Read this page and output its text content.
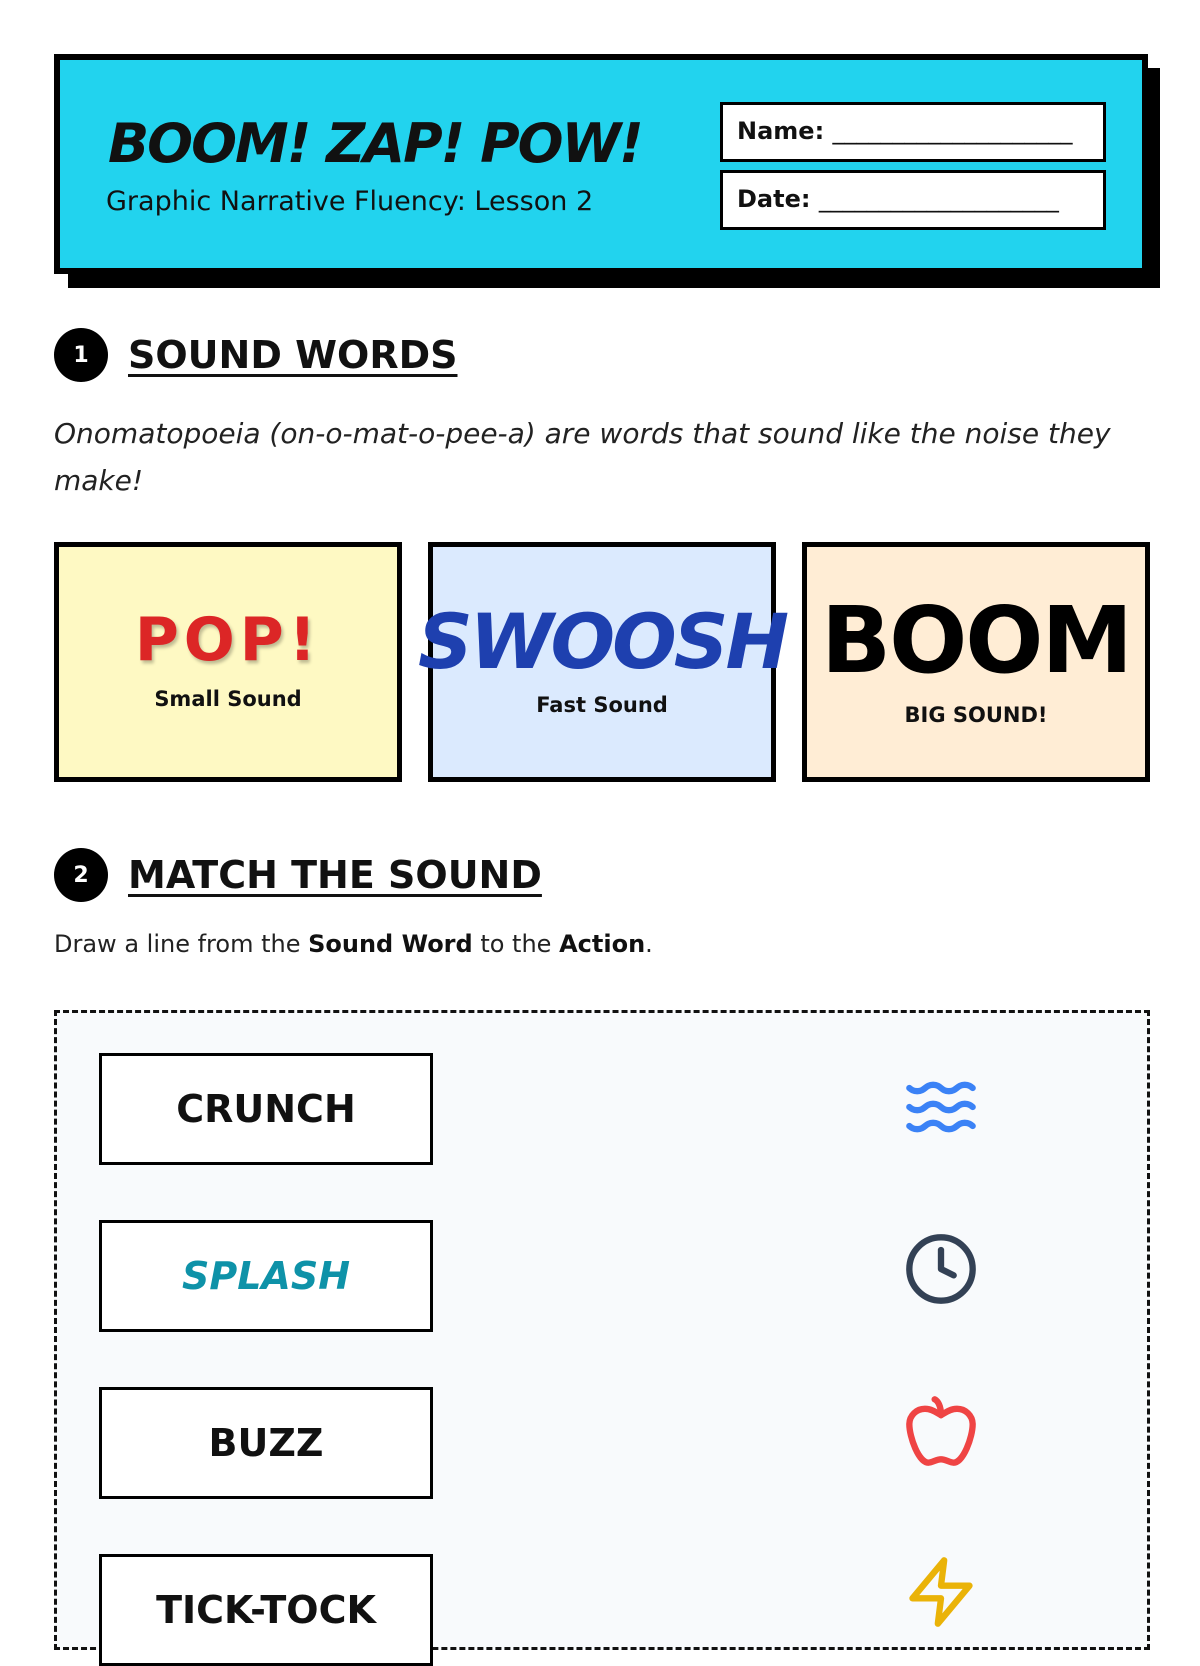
BOOM! ZAP! POW!
Graphic Narrative Fluency: Lesson 2
Name: ____________________
Date: ____________________
1	SOUND WORDS
Onomatopoeia (on-o-mat-o-pee-a) are words that sound like the noise they make!
POP!
Small Sound
SWOOSH
Fast Sound
BOOM
BIG SOUND!
2	MATCH THE SOUND
Draw a line from the Sound Word to the Action.
CRUNCH
SPLASH
BUZZ
TICK-TOCK
